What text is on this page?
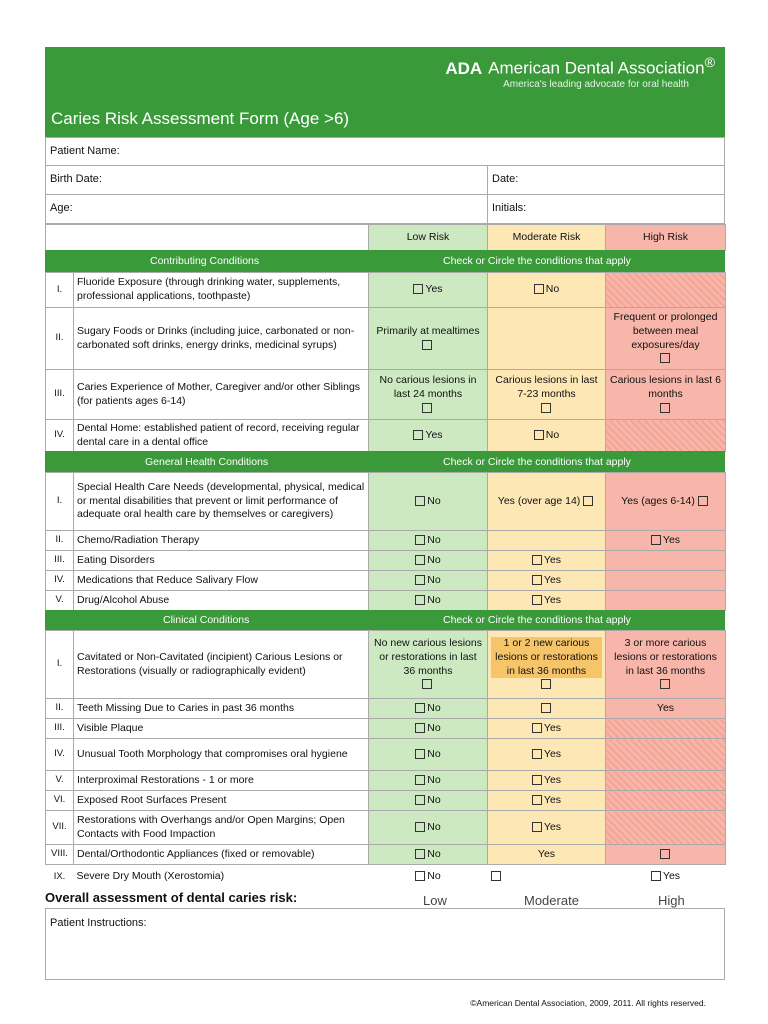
ADA American Dental Association®
America's leading advocate for oral health
Caries Risk Assessment Form (Age >6)
Patient Name:
Birth Date:	Date:
Age:	Initials:
	Low Risk	Moderate Risk	High Risk
Contributing Conditions	Check or Circle the conditions that apply
I.	Fluoride Exposure (through drinking water, supplements, professional applications, toothpaste)	Yes	No	
II.	Sugary Foods or Drinks (including juice, carbonated or non-carbonated soft drinks, energy drinks, medicinal syrups)	Primarily at mealtimes		Frequent or prolonged between meal exposures/day

III.	Caries Experience of Mother, Caregiver and/or other Siblings (for patients ages 6-14)	No carious lesions in last 24 months	Carious lesions in last 7-23 months	Carious lesions in last 6 months

IV.	Dental Home: established patient of record, receiving regular dental care in a dental office	Yes	No	
General Health Conditions	Check or Circle the conditions that apply
I.	Special Health Care Needs (developmental, physical, medical or mental disabilities that prevent or limit performance of adequate oral health care by themselves or caregivers)	No	Yes (over age 14)	Yes (ages 6-14)
II.	Chemo/Radiation Therapy	No		Yes
III.	Eating Disorders	No	Yes	
IV.	Medications that Reduce Salivary Flow	No	Yes	
V.	Drug/Alcohol Abuse	No	Yes	
Clinical Conditions	Check or Circle the conditions that apply
I.	Cavitated or Non-Cavitated (incipient) Carious Lesions or Restorations (visually or radiographically evident)	No new carious lesions or restorations in last 36 months	1 or 2 new carious lesions or restorations in last 36 months	3 or more carious lesions or restorations in last 36 months

II.	Teeth Missing Due to Caries in past 36 months	No		Yes
III.	Visible Plaque	No	Yes	
IV.	Unusual Tooth Morphology that compromises oral hygiene	No	Yes	
V.	Interproximal Restorations - 1 or more	No	Yes	
VI.	Exposed Root Surfaces Present	No	Yes	
VII.	Restorations with Overhangs and/or Open Margins; Open Contacts with Food Impaction	No	Yes	
VIII.	Dental/Orthodontic Appliances (fixed or removable)	No	Yes	
IX.	Severe Dry Mouth (Xerostomia)	No		Yes
Overall assessment of dental caries risk:	Low	Moderate	High
Patient Instructions:
©American Dental Association, 2009, 2011. All rights reserved.
